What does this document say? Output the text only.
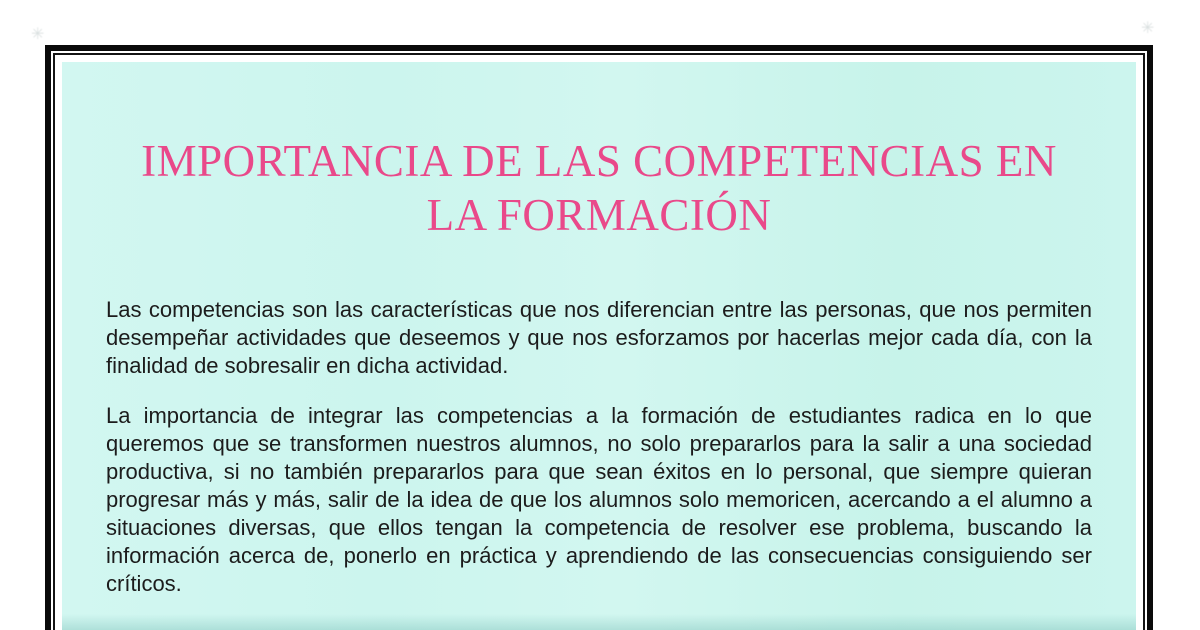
✳	✳
IMPORTANCIA DE LAS COMPETENCIAS EN
LA FORMACIÓN

Las competencias son las características que nos diferencian entre las personas, que nos permiten desempeñar actividades que deseemos y que nos esforzamos por hacerlas mejor cada día, con la finalidad de sobresalir en dicha actividad.

La importancia de integrar las competencias a la formación de estudiantes radica en lo que queremos que se transformen nuestros alumnos, no solo prepararlos para la salir a una sociedad productiva, si no también prepararlos para que sean éxitos en lo personal, que siempre quieran progresar más y más, salir de la idea de que los alumnos solo memoricen, acercando a el alumno a situaciones diversas, que ellos tengan la competencia de resolver ese problema, buscando la información acerca de, ponerlo en práctica y aprendiendo de las consecuencias consiguiendo ser críticos.
